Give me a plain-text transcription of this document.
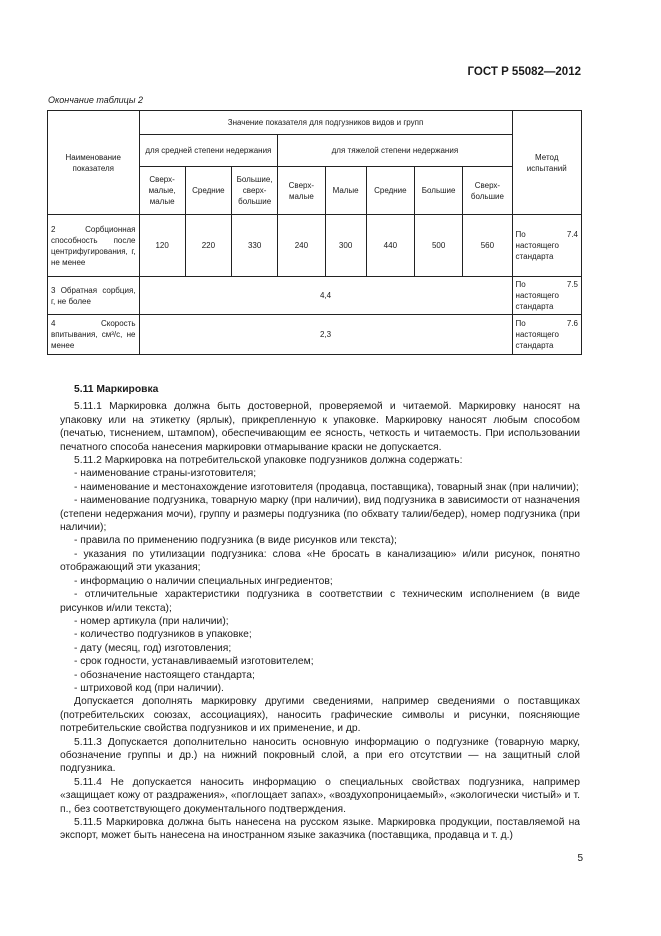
ГОСТ Р 55082—2012
Окончание таблицы 2
Наименование показателя	Значение показателя для подгузников видов и групп								Метод испытаний
	для средней степени недержания			для тяжелой степени недержания					
	Сверх-малые, малые	Средние	Большие, сверх-большие	Сверх-малые	Малые	Средние	Большие	Сверх-большие	
2 Сорбционная способность после центрифугирования, г, не менее	120	220	330	240	300	440	500	560	По 7.4 настоящего стандарта
3 Обратная сорбция, г, не более	4,4								По 7.5 настоящего стандарта
4 Скорость впитывания, см³/с, не менее	2,3								По 7.6 настоящего стандарта

5.11 Маркировка

5.11.1 Маркировка должна быть достоверной, проверяемой и читаемой. Маркировку наносят на упаковку или на этикетку (ярлык), прикрепленную к упаковке. Маркировку наносят любым способом (печатью, тиснением, штампом), обеспечивающим ее ясность, четкость и читаемость. При использовании печатного способа нанесения маркировки отмарывание краски не допускается.

5.11.2 Маркировка на потребительской упаковке подгузников должна содержать:

- наименование страны-изготовителя;

- наименование и местонахождение изготовителя (продавца, поставщика), товарный знак (при наличии);

- наименование подгузника, товарную марку (при наличии), вид подгузника в зависимости от назначения (степени недержания мочи), группу и размеры подгузника (по обхвату талии/бедер), номер подгузника (при наличии);

- правила по применению подгузника (в виде рисунков или текста);

- указания по утилизации подгузника: слова «Не бросать в канализацию» и/или рисунок, понятно отображающий эти указания;

- информацию о наличии специальных ингредиентов;

- отличительные характеристики подгузника в соответствии с техническим исполнением (в виде рисунков и/или текста);

- номер артикула (при наличии);

- количество подгузников в упаковке;

- дату (месяц, год) изготовления;

- срок годности, устанавливаемый изготовителем;

- обозначение настоящего стандарта;

- штриховой код (при наличии).

Допускается дополнять маркировку другими сведениями, например сведениями о поставщиках (потребительских союзах, ассоциациях), наносить графические символы и рисунки, поясняющие потребительские свойства подгузников и их применение, и др.

5.11.3 Допускается дополнительно наносить основную информацию о подгузнике (товарную марку, обозначение группы и др.) на нижний покровный слой, а при его отсутствии — на защитный слой подгузника.

5.11.4 Не допускается наносить информацию о специальных свойствах подгузника, например «защищает кожу от раздражения», «поглощает запах», «воздухопроницаемый», «экологически чистый» и т. п., без соответствующего документального подтверждения.

5.11.5 Маркировка должна быть нанесена на русском языке. Маркировка продукции, поставляемой на экспорт, может быть нанесена на иностранном языке заказчика (поставщика, продавца и т. д.)

5
